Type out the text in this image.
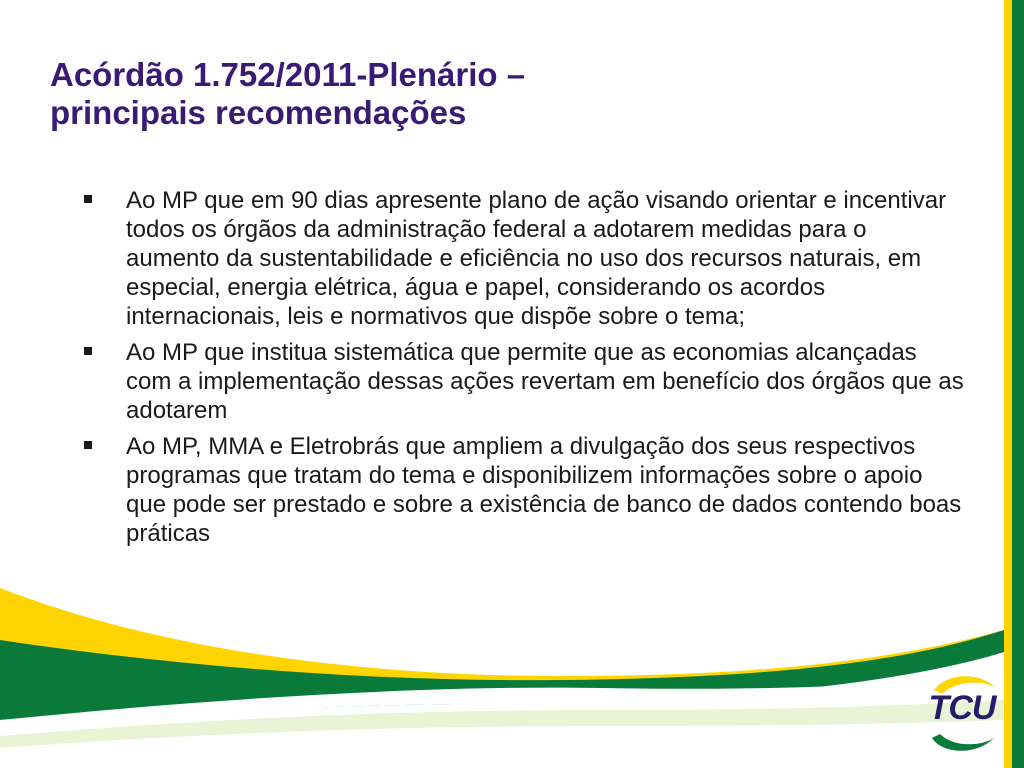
Acórdão 1.752/2011-Plenário –
principais recomendações
Ao MP que em 90 dias apresente plano de ação visando orientar e incentivar todos os órgãos da administração federal a adotarem medidas para o aumento da sustentabilidade e eficiência no uso dos recursos naturais, em especial, energia elétrica, água e papel, considerando os acordos internacionais, leis e normativos que dispõe sobre o tema;
Ao MP que institua sistemática que permite que as economias alcançadas com a implementação dessas ações revertam em benefício dos órgãos que as adotarem
Ao MP, MMA e Eletrobrás que ampliem a divulgação dos seus respectivos programas que tratam do tema e disponibilizem informações sobre o apoio que pode ser prestado e sobre a existência de banco de dados contendo boas práticas
TCU
